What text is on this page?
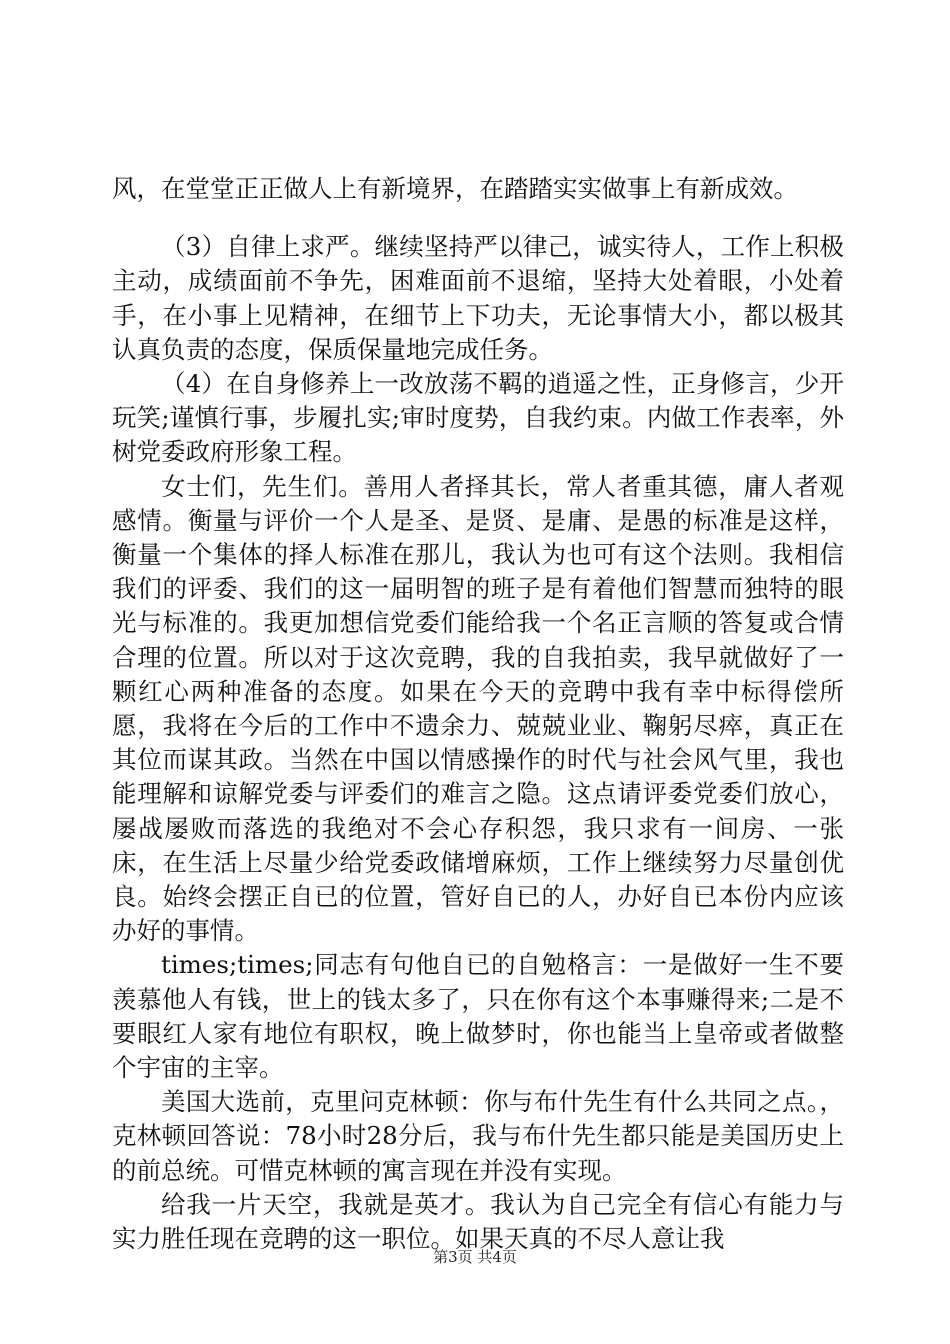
风，在堂堂正正做人上有新境界，在踏踏实实做事上有新成效。

（3）自律上求严。继续坚持严以律己，诚实待人，工作上积极主动，成绩面前不争先，困难面前不退缩，坚持大处着眼，小处着手，在小事上见精神，在细节上下功夫，无论事情大小，都以极其认真负责的态度，保质保量地完成任务。

（4）在自身修养上一改放荡不羁的逍遥之性，正身修言，少开玩笑;谨慎行事，步履扎实;审时度势，自我约束。内做工作表率，外树党委政府形象工程。

女士们，先生们。善用人者择其长，常人者重其德，庸人者观感情。衡量与评价一个人是圣、是贤、是庸、是愚的标准是这样，衡量一个集体的择人标准在那儿，我认为也可有这个法则。我相信我们的评委、我们的这一届明智的班子是有着他们智慧而独特的眼光与标准的。我更加想信党委们能给我一个名正言顺的答复或合情合理的位置。所以对于这次竞聘，我的自我拍卖，我早就做好了一颗红心两种准备的态度。如果在今天的竞聘中我有幸中标得偿所愿，我将在今后的工作中不遗余力、兢兢业业、鞠躬尽瘁，真正在其位而谋其政。当然在中国以情感操作的时代与社会风气里，我也能理解和谅解党委与评委们的难言之隐。这点请评委党委们放心，屡战屡败而落选的我绝对不会心存积怨，我只求有一间房、一张床，在生活上尽量少给党委政储增麻烦，工作上继续努力尽量创优良。始终会摆正自已的位置，管好自已的人，办好自已本份内应该办好的事情。

times;times;同志有句他自已的自勉格言：一是做好一生不要羡慕他人有钱，世上的钱太多了，只在你有这个本事赚得来;二是不要眼红人家有地位有职权，晚上做梦时，你也能当上皇帝或者做整个宇宙的主宰。

美国大选前，克里问克林顿：你与布什先生有什么共同之点。，克林顿回答说：78小时28分后，我与布什先生都只能是美国历史上的前总统。可惜克林顿的寓言现在并没有实现。

给我一片天空，我就是英才。我认为自己完全有信心有能力与实力胜任现在竞聘的这一职位。如果天真的不尽人意让我

第3页 共4页
